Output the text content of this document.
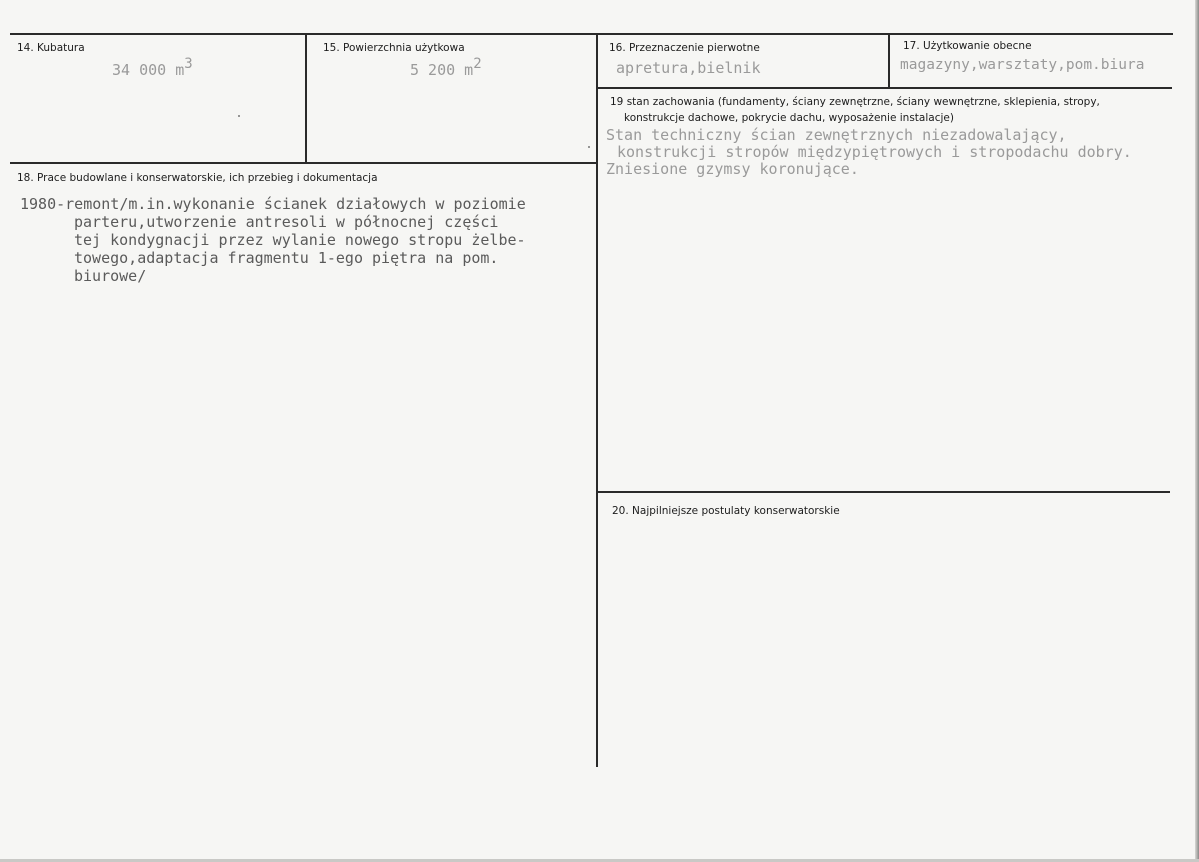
14. Kubatura
34 000 m3
15. Powierzchnia użytkowa
5 200 m2
16. Przeznaczenie pierwotne
apretura,bielnik
17. Użytkowanie obecne
magazyny,warsztaty,pom.biura
19 stan zachowania (fundamenty, ściany zewnętrzne, ściany wewnętrzne, sklepienia, stropy,
konstrukcje dachowe, pokrycie dachu, wyposażenie instalacje)
Stan techniczny ścian zewnętrznych niezadowalający,
konstrukcji stropów międzypiętrowych i stropodachu dobry.
Zniesione gzymsy koronujące.
18. Prace budowlane i konserwatorskie, ich przebieg i dokumentacja
1980-remont/m.in.wykonanie ścianek działowych w poziomie
parteru,utworzenie antresoli w północnej części
tej kondygnacji przez wylanie nowego stropu żelbe-
towego,adaptacja fragmentu 1-ego piętra na pom.
biurowe/
20. Najpilniejsze postulaty konserwatorskie
